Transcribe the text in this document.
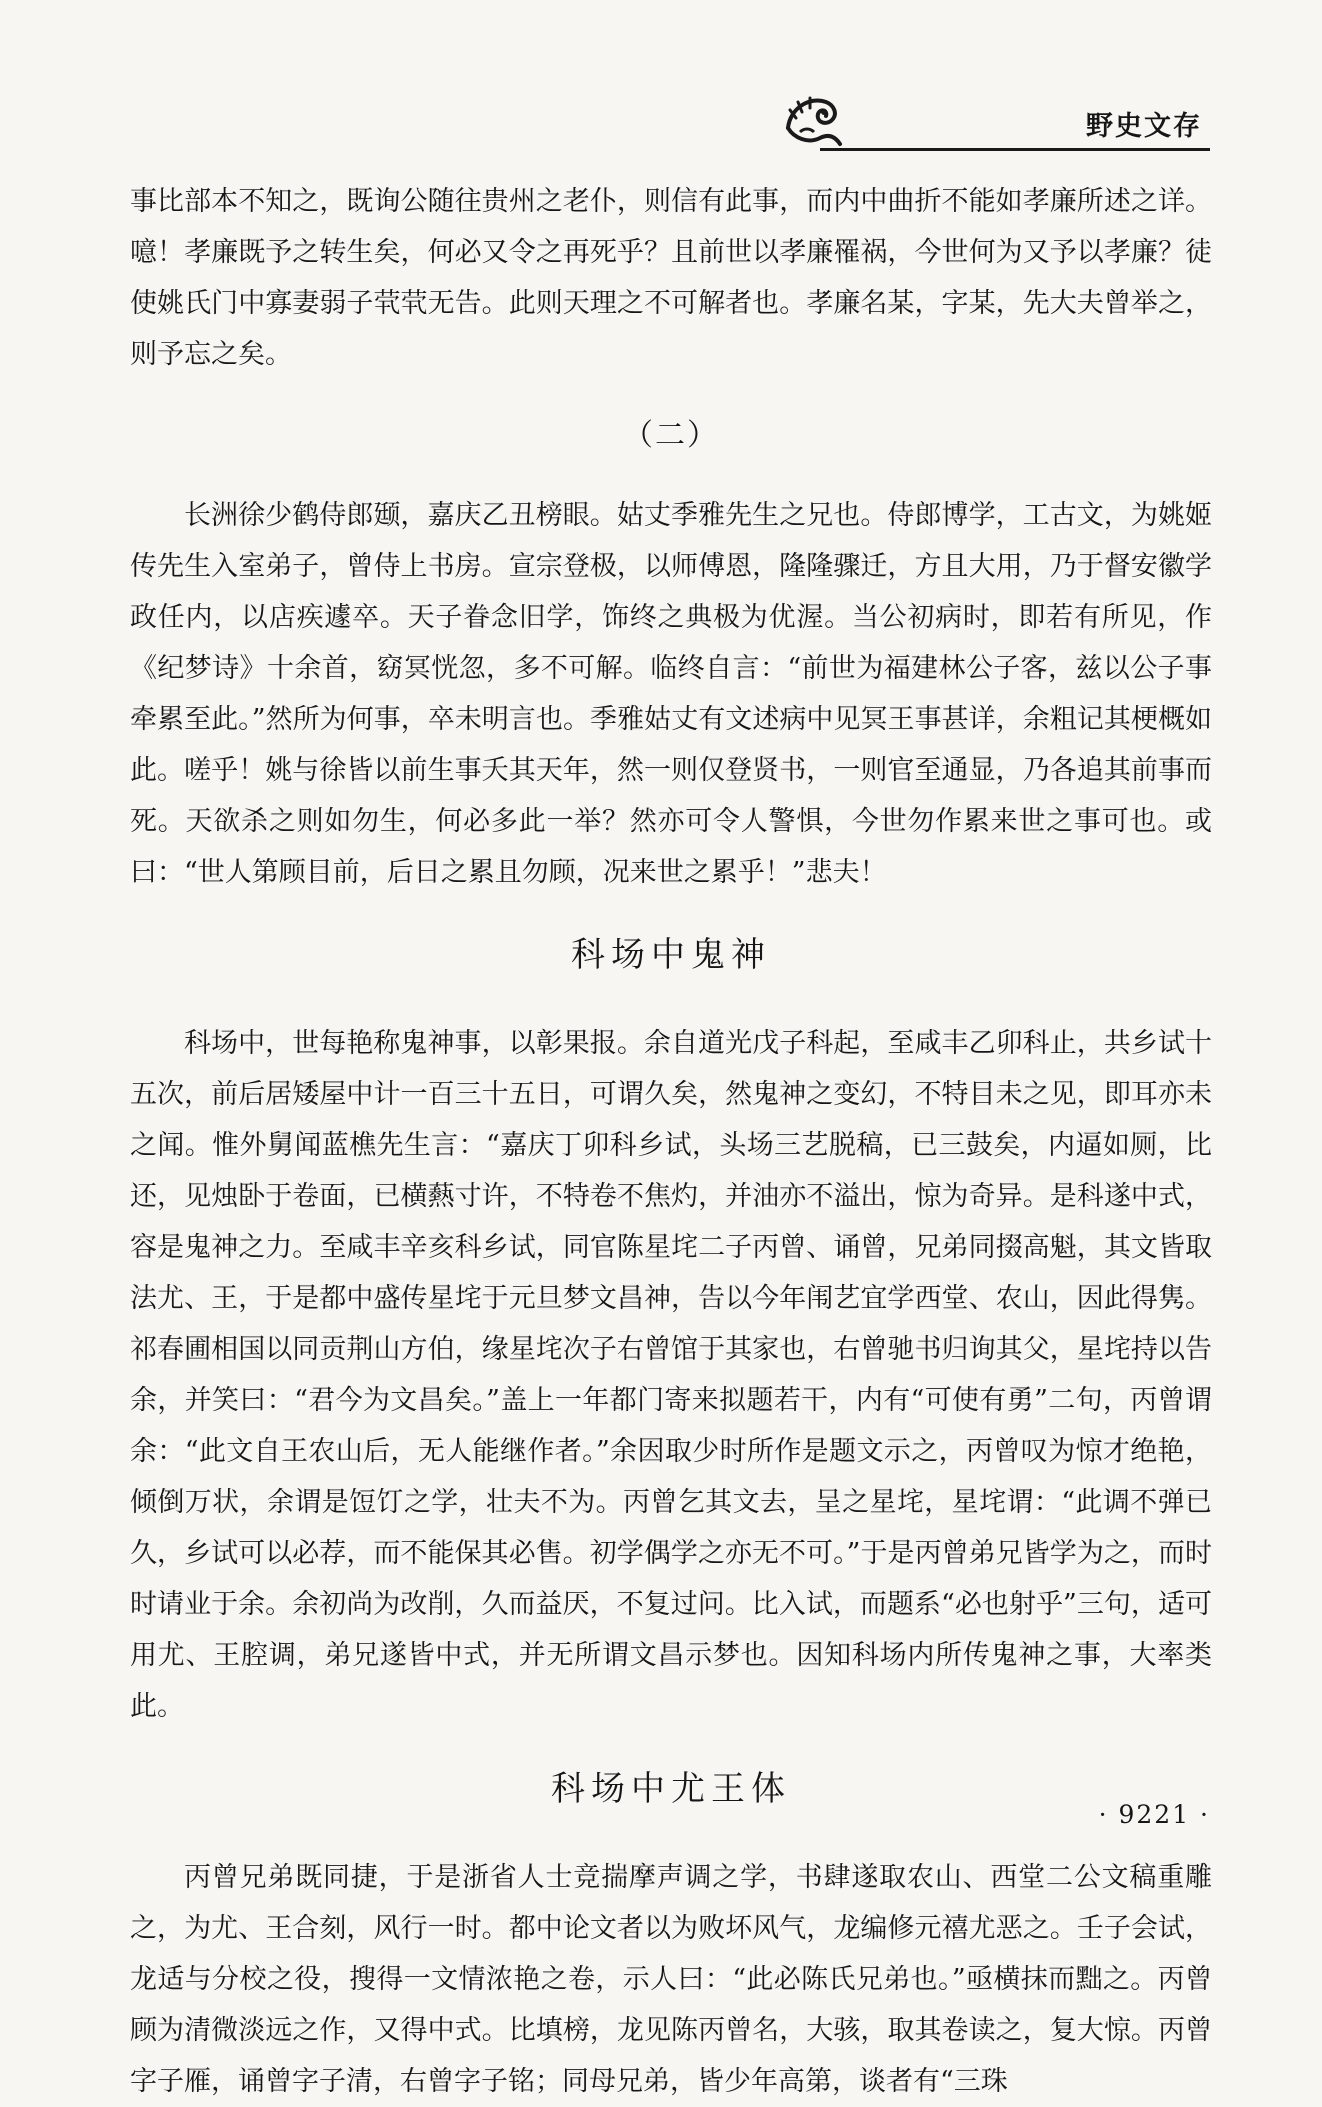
野史文存

事比部本不知之，既询公随往贵州之老仆，则信有此事，而内中曲折不能如孝廉所述之详。噫！孝廉既予之转生矣，何必又令之再死乎？且前世以孝廉罹祸，今世何为又予以孝廉？徒使姚氏门中寡妻弱子茕茕无告。此则天理之不可解者也。孝廉名某，字某，先大夫曾举之，则予忘之矣。

（二）

长洲徐少鹤侍郎颋，嘉庆乙丑榜眼。姑丈季雅先生之兄也。侍郎博学，工古文，为姚姬传先生入室弟子，曾侍上书房。宣宗登极，以师傅恩，隆隆骤迁，方且大用，乃于督安徽学政任内，以店疾遽卒。天子眷念旧学，饰终之典极为优渥。当公初病时，即若有所见，作《纪梦诗》十余首，窈冥恍忽，多不可解。临终自言：“前世为福建林公子客，兹以公子事牵累至此。”然所为何事，卒未明言也。季雅姑丈有文述病中见冥王事甚详，余粗记其梗概如此。嗟乎！姚与徐皆以前生事夭其天年，然一则仅登贤书，一则官至通显，乃各追其前事而死。天欲杀之则如勿生，何必多此一举？然亦可令人警惧，今世勿作累来世之事可也。或曰：“世人第顾目前，后日之累且勿顾，况来世之累乎！”悲夫！

科场中鬼神

科场中，世每艳称鬼神事，以彰果报。余自道光戊子科起，至咸丰乙卯科止，共乡试十五次，前后居矮屋中计一百三十五日，可谓久矣，然鬼神之变幻，不特目未之见，即耳亦未之闻。惟外舅闻蓝樵先生言：“嘉庆丁卯科乡试，头场三艺脱稿，已三鼓矣，内逼如厕，比还，见烛卧于卷面，已横爇寸许，不特卷不焦灼，并油亦不溢出，惊为奇异。是科遂中式，容是鬼神之力。至咸丰辛亥科乡试，同官陈星垞二子丙曾、诵曾，兄弟同掇高魁，其文皆取法尤、王，于是都中盛传星垞于元旦梦文昌神，告以今年闱艺宜学西堂、农山，因此得隽。祁春圃相国以同贡荆山方伯，缘星垞次子右曾馆于其家也，右曾驰书归询其父，星垞持以告余，并笑曰：“君今为文昌矣。”盖上一年都门寄来拟题若干，内有“可使有勇”二句，丙曾谓余：“此文自王农山后，无人能继作者。”余因取少时所作是题文示之，丙曾叹为惊才绝艳，倾倒万状，余谓是饾饤之学，壮夫不为。丙曾乞其文去，呈之星垞，星垞谓：“此调不弹已久，乡试可以必荐，而不能保其必售。初学偶学之亦无不可。”于是丙曾弟兄皆学为之，而时时请业于余。余初尚为改削，久而益厌，不复过问。比入试，而题系“必也射乎”三句，适可用尤、王腔调，弟兄遂皆中式，并无所谓文昌示梦也。因知科场内所传鬼神之事，大率类此。

科场中尤王体

丙曾兄弟既同捷，于是浙省人士竞揣摩声调之学，书肆遂取农山、西堂二公文稿重雕之，为尤、王合刻，风行一时。都中论文者以为败坏风气，龙编修元禧尤恶之。壬子会试，龙适与分校之役，搜得一文情浓艳之卷，示人曰：“此必陈氏兄弟也。”亟横抹而黜之。丙曾顾为清微淡远之作，又得中式。比填榜，龙见陈丙曾名，大骇，取其卷读之，复大惊。丙曾字子雁，诵曾字子清，右曾字子铭；同母兄弟，皆少年高第，谈者有“三珠

· 9221 ·
